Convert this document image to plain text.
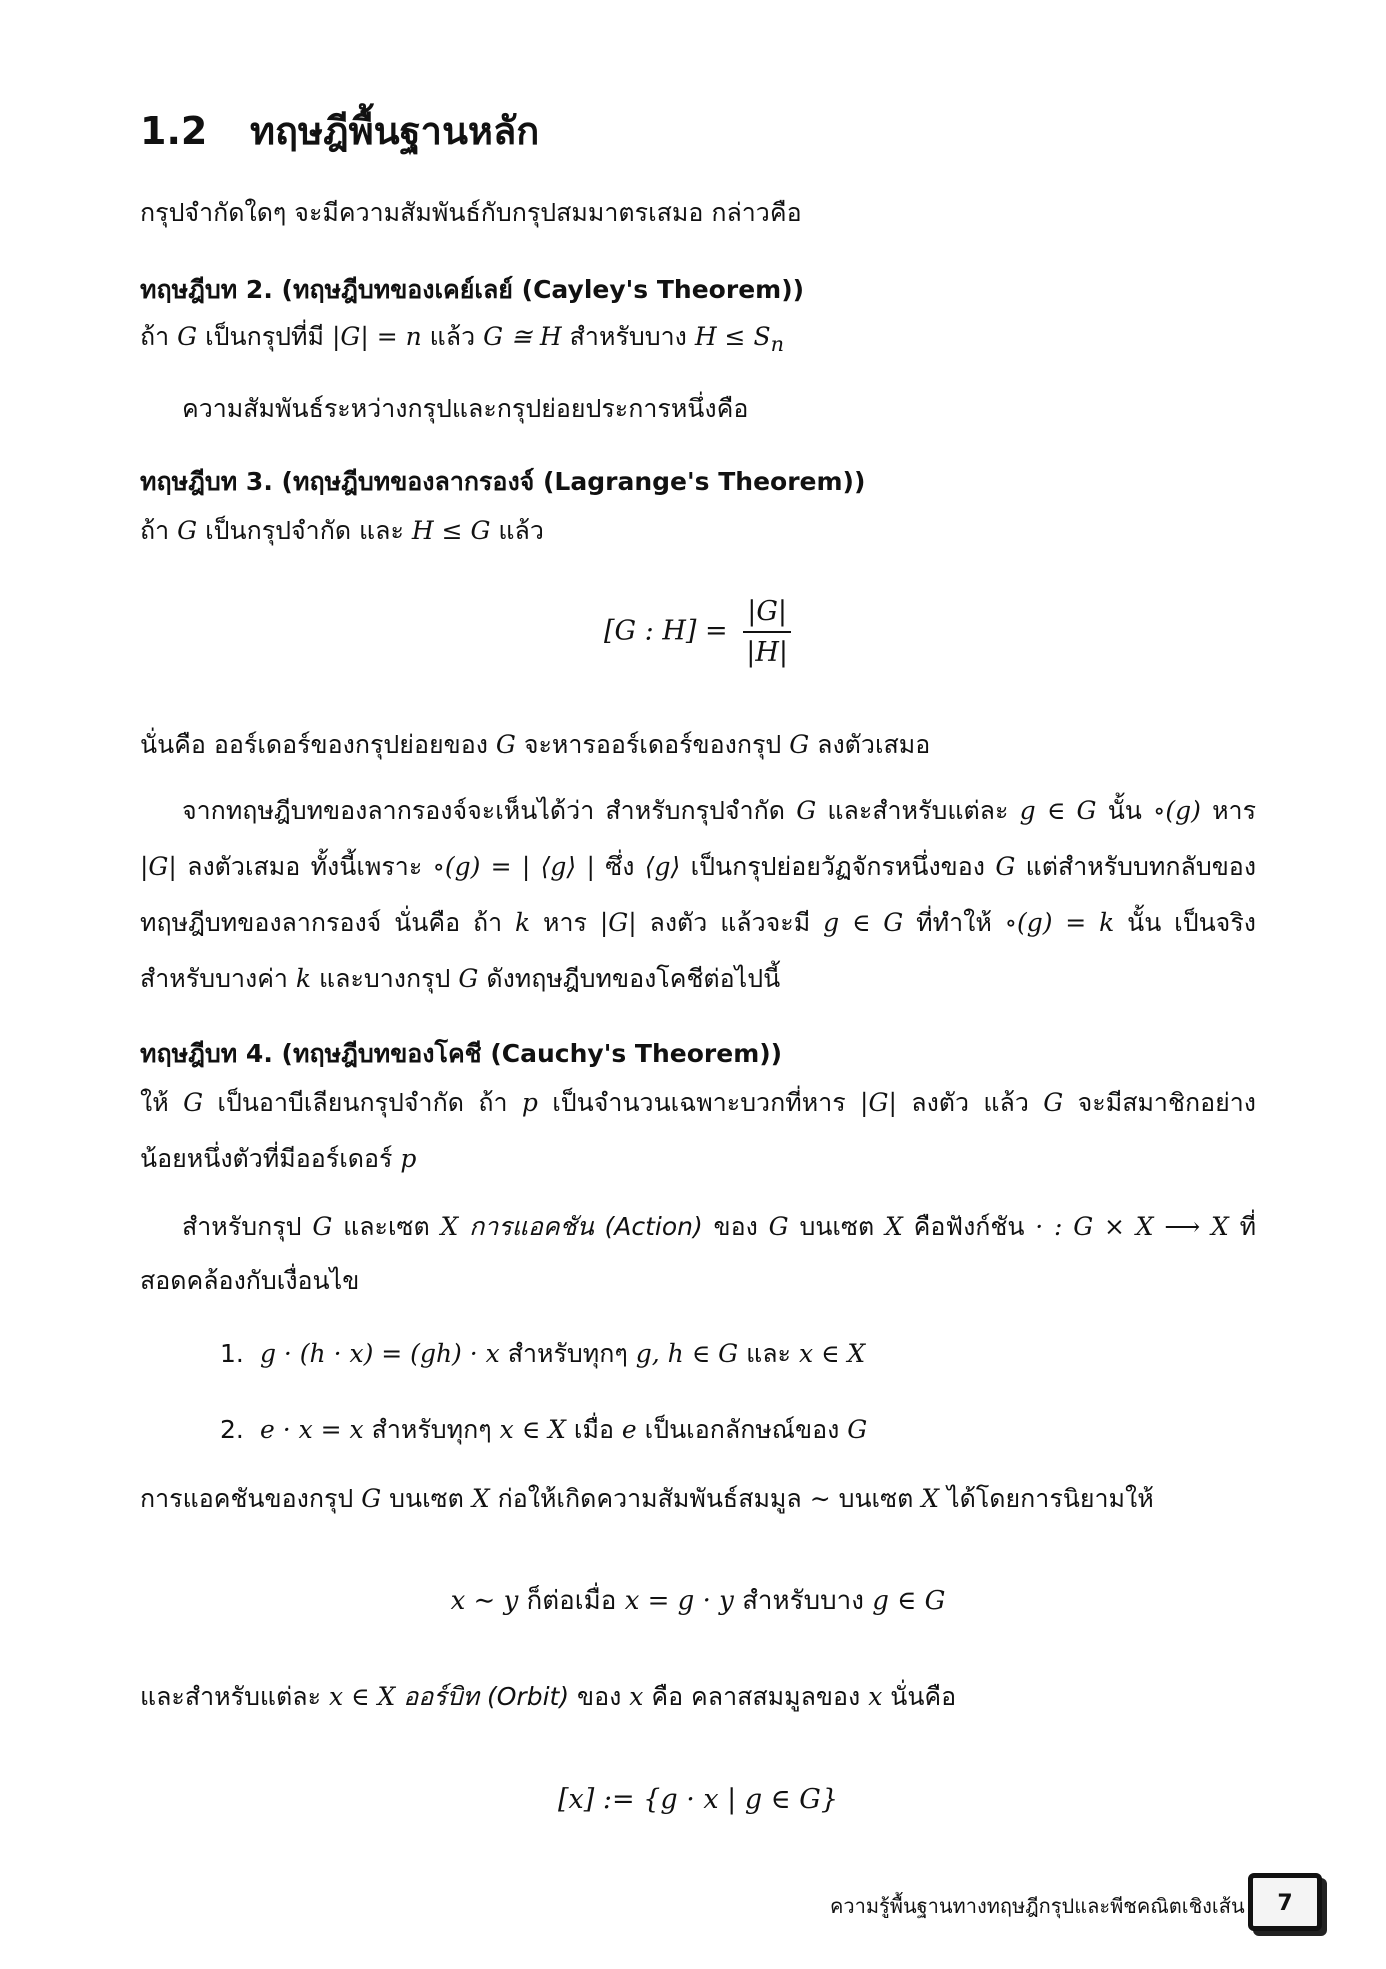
1.2 ทฤษฎีพื้นฐานหลัก
กรุปจำกัดใดๆ จะมีความสัมพันธ์กับกรุปสมมาตรเสมอ กล่าวคือ
ทฤษฎีบท 2. (ทฤษฎีบทของเคย์เลย์ (Cayley's Theorem))
ถ้า G เป็นกรุปที่มี |G| = n แล้ว G ≅ H สำหรับบาง $H \le S_n$
ความสัมพันธ์ระหว่างกรุปและกรุปย่อยประการหนึ่งคือ
ทฤษฎีบท 3. (ทฤษฎีบทของลากรองจ์ (Lagrange's Theorem))
ถ้า G เป็นกรุปจำกัด และ H ≤ G แล้ว
[G : $H] = \frac{|G|}{|H|}$
นั่นคือ ออร์เดอร์ของกรุปย่อยของ G จะหารออร์เดอร์ของกรุป G ลงตัวเสมอ
จากทฤษฎีบทของลากรองจ์จะเห็นได้ว่า สำหรับกรุปจำกัด G และสำหรับแต่ละ g ∈ G นั้น ∘(g) หาร
|G| ลงตัวเสมอ ทั้งนี้เพราะ ∘(g) = | ⟨g⟩ | ซึ่ง ⟨g⟩ เป็นกรุปย่อยวัฏจักรหนึ่งของ G แต่สำหรับบทกลับของ
ทฤษฎีบทของลากรองจ์ นั่นคือ ถ้า k หาร |G| ลงตัว แล้วจะมี g ∈ G ที่ทำให้ ∘(g) = k นั้น เป็นจริง
สำหรับบางค่า k และบางกรุป G ดังทฤษฎีบทของโคชีต่อไปนี้
ทฤษฎีบท 4. (ทฤษฎีบทของโคชี (Cauchy's Theorem))
ให้ G เป็นอาบีเลียนกรุปจำกัด ถ้า p เป็นจำนวนเฉพาะบวกที่หาร |G| ลงตัว แล้ว G จะมีสมาชิกอย่าง
น้อยหนึ่งตัวที่มีออร์เดอร์ p
สำหรับกรุป G และเซต X การแอคชัน (Action) ของ G บนเซต X คือฟังก์ชัน · : G × X ⟶ X ที่
สอดคล้องกับเงื่อนไข
1. g · (h · x) = (gh) · x สำหรับทุกๆ g, h ∈ G และ x ∈ X
2. e · x = x สำหรับทุกๆ x ∈ X เมื่อ e เป็นเอกลักษณ์ของ G
การแอคชันของกรุป G บนเซต X ก่อให้เกิดความสัมพันธ์สมมูล ∼ บนเซต X ได้โดยการนิยามให้
x ∼ y ก็ต่อเมื่อ x = g · y สำหรับบาง g ∈ G
และสำหรับแต่ละ x ∈ X ออร์บิท (Orbit) ของ x คือ คลาสสมมูลของ x นั่นคือ
[x] := {g · x | g ∈ G}
ความรู้พื้นฐานทางทฤษฎีกรุปและพีชคณิตเชิงเส้น	7
